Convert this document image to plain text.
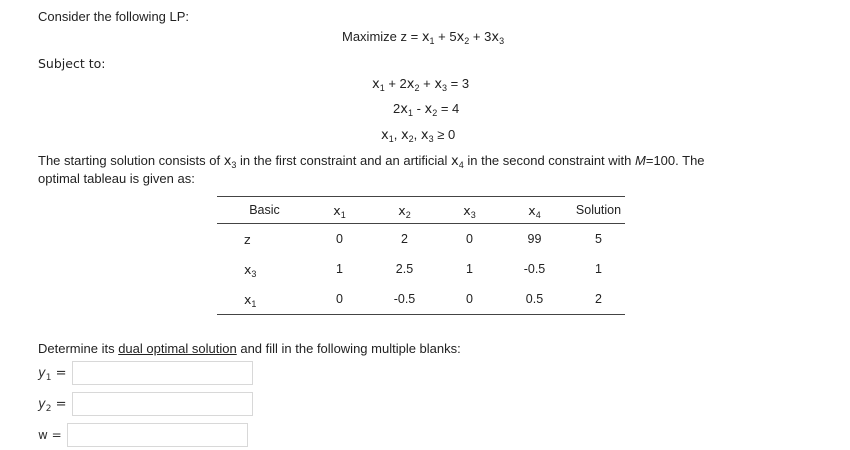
Consider the following LP:
Maximize $z = x_1 + 5x_2 + 3x_3$
Subject to:
$x_1 + 2x_2 + x_3 = 3$
$2x_1 - x_2 = 4$
$x_1$, $x_2$, $x_3 \ge 0$
The starting solution consists of $x_3$ in the first constraint and an artificial $x_4$ in the second constraint with M=100. The
optimal tableau is given as:
Basic	$x_1$	$x_2$	$x_3$	$x_4$	Solution
z	0	2	0	99	5
$x_3$	1	2.5	1	-0.5	1
$x_1$	0	-0.5	0	0.5	2
Determine its dual optimal solution and fill in the following multiple blanks:
$y_1$ =
$y_2$ =
w =
